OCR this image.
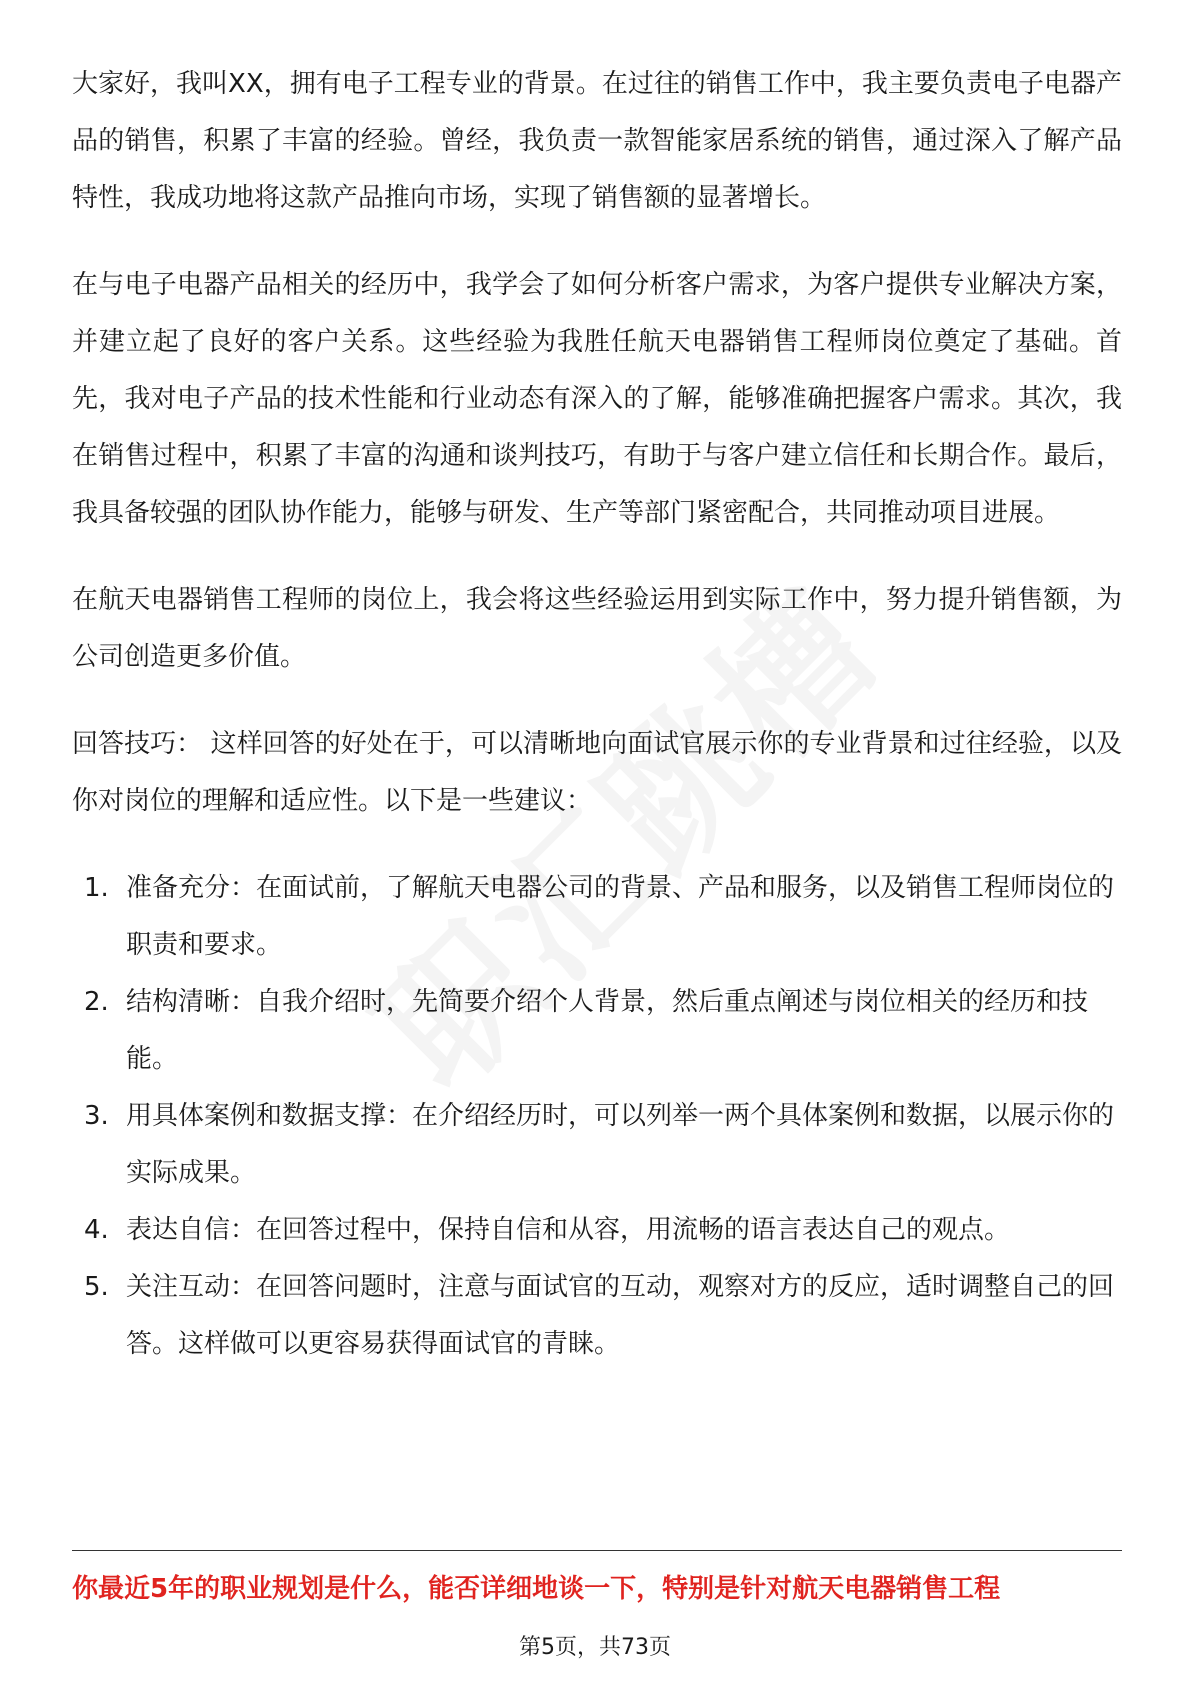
大家好，我叫XX，拥有电子工程专业的背景。在过往的销售工作中，我主要负责电子电器产品的销售，积累了丰富的经验。曾经，我负责一款智能家居系统的销售，通过深入了解产品特性，我成功地将这款产品推向市场，实现了销售额的显著增长。

在与电子电器产品相关的经历中，我学会了如何分析客户需求，为客户提供专业解决方案，并建立起了良好的客户关系。这些经验为我胜任航天电器销售工程师岗位奠定了基础。首先，我对电子产品的技术性能和行业动态有深入的了解，能够准确把握客户需求。其次，我在销售过程中，积累了丰富的沟通和谈判技巧，有助于与客户建立信任和长期合作。最后，我具备较强的团队协作能力，能够与研发、生产等部门紧密配合，共同推动项目进展。

在航天电器销售工程师的岗位上，我会将这些经验运用到实际工作中，努力提升销售额，为公司创造更多价值。

回答技巧： 这样回答的好处在于，可以清晰地向面试官展示你的专业背景和过往经验，以及你对岗位的理解和适应性。以下是一些建议：

1. 准备充分：在面试前，了解航天电器公司的背景、产品和服务，以及销售工程师岗位的职责和要求。
2. 结构清晰：自我介绍时，先简要介绍个人背景，然后重点阐述与岗位相关的经历和技能。
3. 用具体案例和数据支撑：在介绍经历时，可以列举一两个具体案例和数据，以展示你的实际成果。
4. 表达自信：在回答过程中，保持自信和从容，用流畅的语言表达自己的观点。
5. 关注互动：在回答问题时，注意与面试官的互动，观察对方的反应，适时调整自己的回答。这样做可以更容易获得面试官的青睐。
你最近5年的职业规划是什么，能否详细地谈一下，特别是针对航天电器销售工程
第5页，共73页
